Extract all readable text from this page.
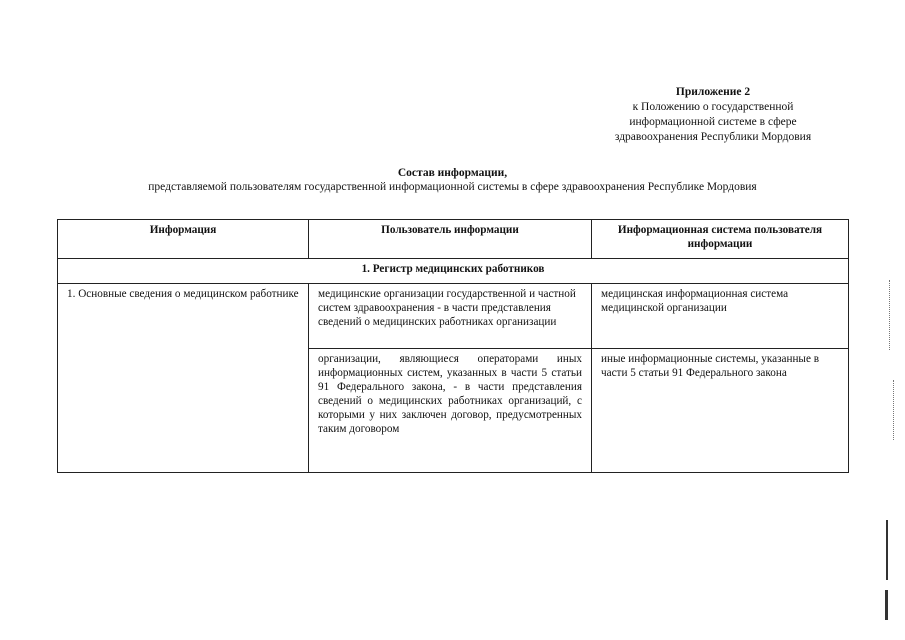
Приложение 2
к Положению о государственной
информационной системе в сфере
здравоохранения Республики Мордовия
Состав информации,
представляемой пользователям государственной информационной системы в сфере здравоохранения Республике Мордовия
Информация	Пользователь информации	Информационная система пользователя информации
1. Регистр медицинских работников		
1. Основные сведения о медицинском работнике	медицинские организации государственной и частной систем здравоохранения - в части представления сведений о медицинских работниках организации	медицинская информационная система медицинской организации
	организации, являющиеся операторами иных информационных систем, указанных в части 5 статьи 91 Федерального закона, - в части представления сведений о медицинских работниках организаций, с которыми у них заключен договор, предусмотренных таким договором	иные информационные системы, указанные в части 5 статьи 91 Федерального закона
